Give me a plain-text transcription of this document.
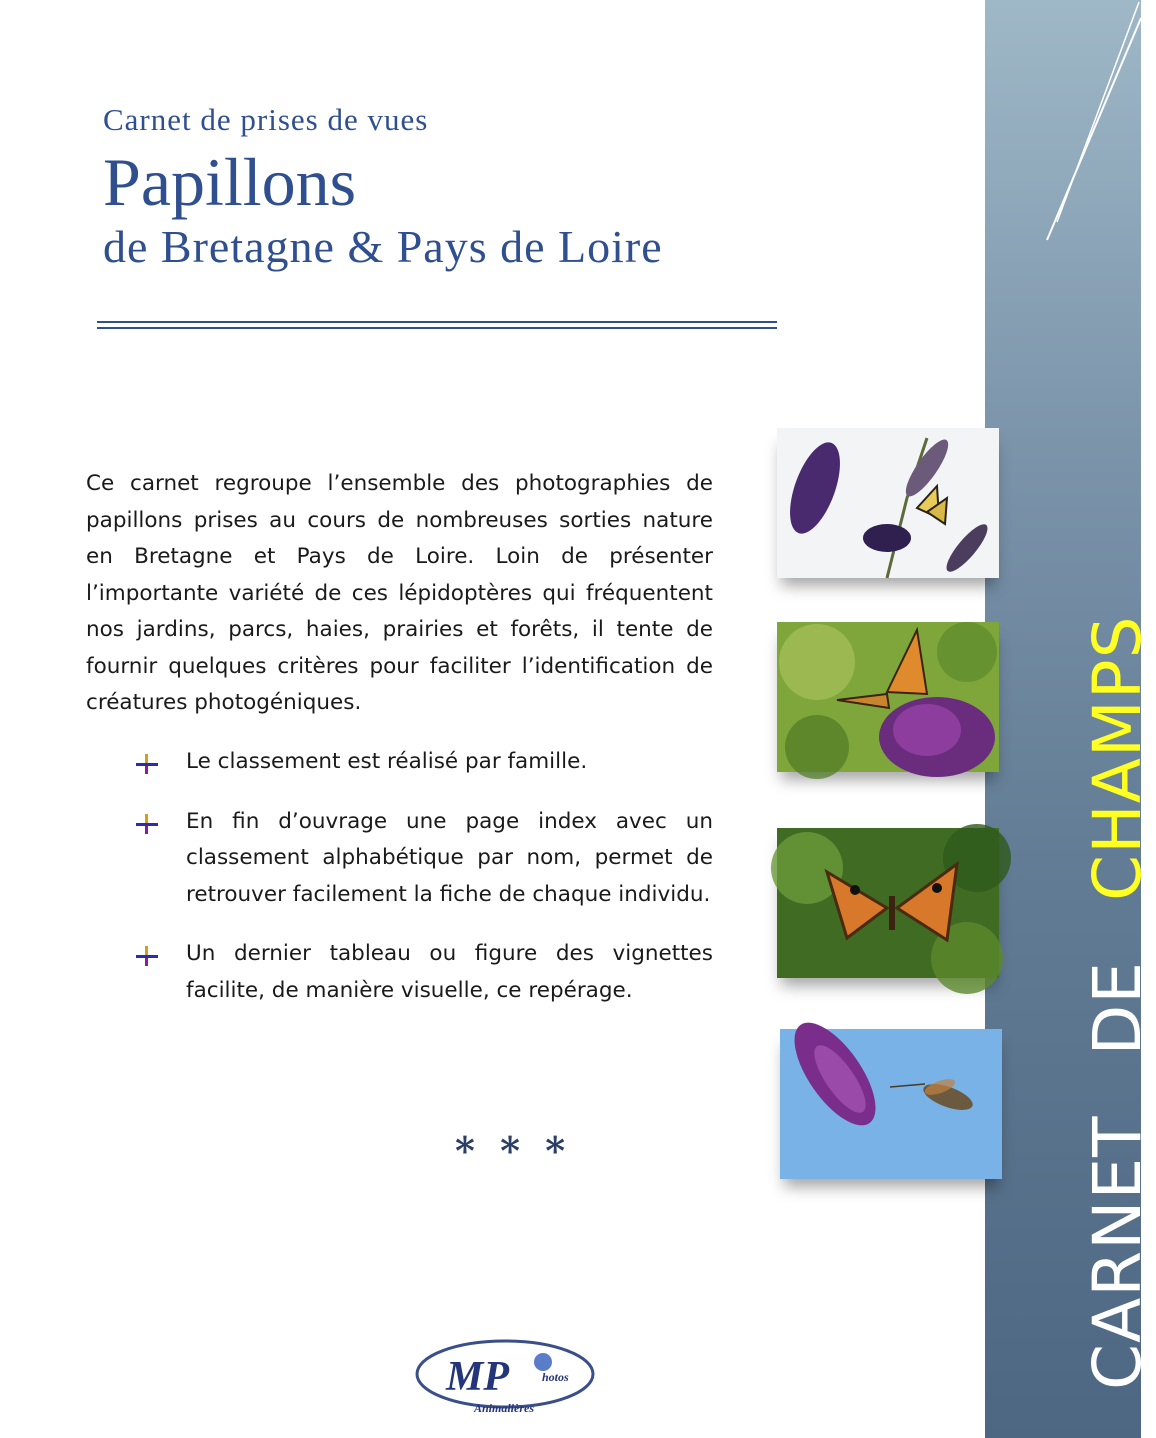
Carnet de prises de vues
Papillons
de Bretagne & Pays de Loire

Ce carnet regroupe l’ensemble des photographies de papillons prises au cours de nombreuses sorties nature en Bretagne et Pays de Loire. Loin de présenter l’importante variété de ces lépidoptères qui fréquentent nos jardins, parcs, haies, prairies et forêts, il tente de fournir quelques critères pour faciliter l’identification de créatures photogéniques.

Le classement est réalisé par famille.
En fin d’ouvrage une page index avec un classement alphabétique par nom, permet de retrouver facilement la fiche de chaque individu.
Un dernier tableau ou figure des vignettes facilite, de manière visuelle, ce repérage.
* * *
MP	hotos
Animalières
CARNETDECHAMPS
